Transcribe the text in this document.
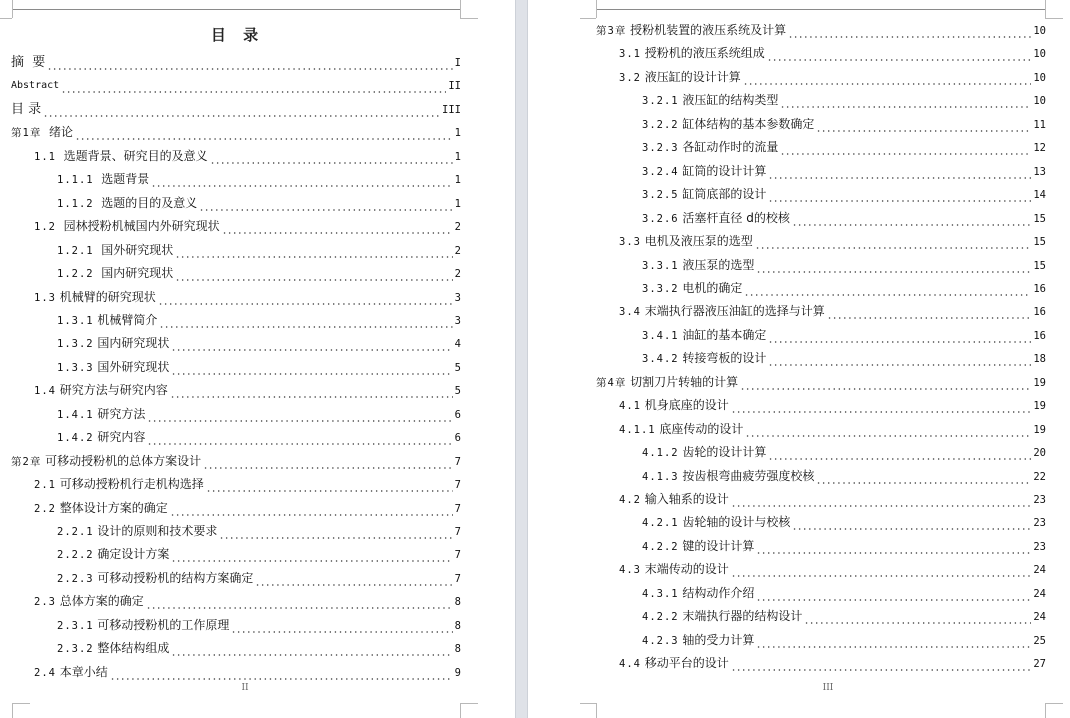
目 录
摘  要	I
Abstract	II
目 录	III
第1章  绪论	1
1.1  选题背景、研究目的及意义	1
1.1.1  选题背景	1
1.1.2  选题的目的及意义	1
1.2  园林授粉机械国内外研究现状	2
1.2.1  国外研究现状	2
1.2.2  国内研究现状	2
1.3 机械臂的研究现状	3
1.3.1 机械臂简介	3
1.3.2 国内研究现状	4
1.3.3 国外研究现状	5
1.4 研究方法与研究内容	5
1.4.1 研究方法	6
1.4.2 研究内容	6
第2章 可移动授粉机的总体方案设计	7
2.1 可移动授粉机行走机构选择	7
2.2 整体设计方案的确定	7
2.2.1 设计的原则和技术要求	7
2.2.2 确定设计方案	7
2.2.3 可移动授粉机的结构方案确定	7
2.3 总体方案的确定	8
2.3.1 可移动授粉机的工作原理	8
2.3.2 整体结构组成	8
2.4 本章小结	9
II
第3章 授粉机装置的液压系统及计算	10
3.1 授粉机的液压系统组成	10
3.2 液压缸的设计计算	10
3.2.1 液压缸的结构类型	10
3.2.2 缸体结构的基本参数确定	11
3.2.3 各缸动作时的流量	12
3.2.4 缸筒的设计计算	13
3.2.5 缸筒底部的设计	14
3.2.6 活塞杆直径 d的校核	15
3.3 电机及液压泵的选型	15
3.3.1 液压泵的选型	15
3.3.2 电机的确定	16
3.4 末端执行器液压油缸的选择与计算	16
3.4.1 油缸的基本确定	16
3.4.2 转接弯板的设计	18
第4章 切割刀片转轴的计算	19
4.1 机身底座的设计	19
4.1.1 底座传动的设计	19
4.1.2 齿轮的设计计算	20
4.1.3 按齿根弯曲疲劳强度校核	22
4.2 输入轴系的设计	23
4.2.1 齿轮轴的设计与校核	23
4.2.2 键的设计计算	23
4.3 末端传动的设计	24
4.3.1 结构动作介绍	24
4.2.2 末端执行器的结构设计	24
4.2.3 轴的受力计算	25
4.4 移动平台的设计	27
III
